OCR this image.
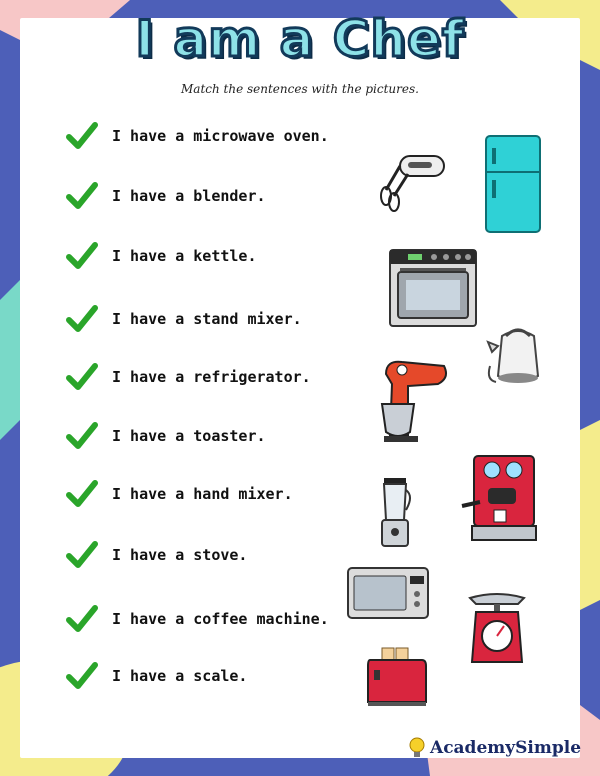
I am a Chef
Match the sentences with the pictures.
I have a microwave oven.
I have a blender.
I have a kettle.
I have a stand mixer.
I have a refrigerator.
I have a toaster.
I have a hand mixer.
I have a stove.
I have a coffee machine.
I have a scale.
AcademySimple
